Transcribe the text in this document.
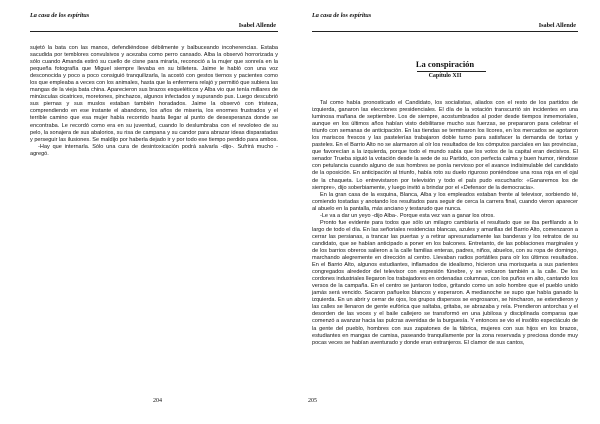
La casa de los espíritus
Isabel Allende

sujetó la bata con las manos, defendiéndose débilmente y balbuceando incoherencias. Estaba sacudida por temblores convulsivos y acezaba como perro cansado. Alba la observó horrorizada y sólo cuando Amanda estiró su cuello de cisne para mirarla, reconoció a la mujer que sonreía en la pequeña fotografía que Miguel siempre llevaba en su billetera. Jaime le habló con una voz desconocida y poco a poco consiguió tranquilizarla, la acostó con gestos tiernos y pacientes como los que empleaba a veces con los animales, hasta que la enfermera relajó y permitió que subiera las mangas de la vieja bata china. Aparecieron sus brazos esqueléticos y Alba vio que tenía millares de minúsculas cicatrices, moretones, pinchazos, algunos infectados y supurando pus. Luego descubrió sus piernas y sus muslos estaban también horadados. Jaime la observó con tristeza, comprendiendo en ese instante el abandono, los años de miseria, los enormes frustrados y el terrible camino que esa mujer había recorrido hasta llegar al punto de desesperanza donde se encontraba. Le recordó como era en su juventud, cuando lo deslumbraba con el revoloteo de su pelo, la sonajera de sus abalorios, su risa de campana y su candor para abrazar ideas disparatadas y perseguir las ilusiones. Se maldijo por haberla dejado ir y por todo ese tiempo perdido para ambos.

-Hay que internarla. Sólo una cura de desintoxicación podrá salvarla -dijo-. Sufrirá mucho -agregó.

204
La casa de los espíritus
Isabel Allende
La conspiración
Capítulo XII

Tal como había pronosticado el Candidato, los socialistas, aliados con el resto de los partidos de izquierda, ganaron las elecciones presidenciales. El día de la votación transcurrió sin incidentes en una luminosa mañana de septiembre. Los de siempre, acostumbrados al poder desde tiempos inmemoriales, aunque en los últimos años habían visto debilitarse mucho sus fuerzas, se prepararon para celebrar el triunfo con semanas de anticipación. En las tiendas se terminaron los licores, en los mercados se agotaron los mariscos frescos y las pastelerías trabajaron doble turno para satisfacer la demanda de tortas y pasteles. En el Barrio Alto no se alarmaron al oír los resultados de los cómputos parciales en las provincias, que favorecían a la izquierda, porque todo el mundo sabía que los votos de la capital eran decisivos. El senador Trueba siguió la votación desde la sede de su Partido, con perfecta calma y buen humor, riéndose con petulancia cuando alguno de sus hombres se ponía nervioso por el avance indisimulable del candidato de la oposición. En anticipación al triunfo, había roto su duelo riguroso poniéndose una rosa roja en el ojal de la chaqueta. Lo entrevistaron por televisión y todo el país pudo escucharlo: «Ganaremos los de siempre», dijo soberbiamente, y luego invitó a brindar por el «Defensor de la democracia».

En la gran casa de la esquina, Blanca, Alba y los empleados estaban frente al televisor, sorbiendo té, comiendo tostadas y anotando los resultados para seguir de cerca la carrera final, cuando vieron aparecer al abuelo en la pantalla, más anciano y testarudo que nunca.

-Le va a dar un yeyo -dijo Alba-. Porque esta vez van a ganar los otros.

Pronto fue evidente para todos que sólo un milagro cambiaría el resultado que se iba perfilando a lo largo de todo el día. En las señoriales residencias blancas, azules y amarillas del Barrio Alto, comenzaron a cerrar las persianas, a trancar las puertas y a retirar apresuradamente las banderas y los retratos de su candidato, que se habían anticipado a poner en los balcones. Entretanto, de las poblaciones marginales y de los barrios obreros salieron a la calle familias enteras, padres, niños, abuelos, con su ropa de domingo, marchando alegremente en dirección al centro. Llevaban radios portátiles para oír los últimos resultados. En el Barrio Alto, algunos estudiantes, inflamados de idealismo, hicieron una morisqueta a sus parientes congregados alrededor del televisor con expresión fúnebre, y se volcaron también a la calle. De los cordones industriales llegaron los trabajadores en ordenadas columnas, con los puños en alto, cantando los versos de la campaña. En el centro se juntaron todos, gritando como un solo hombre que el pueblo unido jamás será vencido. Sacaron pañuelos blancos y esperaron. A medianoche se supo que había ganado la izquierda. En un abrir y cerrar de ojos, los grupos dispersos se engrosaron, se hincharon, se extendieron y las calles se llenaron de gente eufórica que saltaba, gritaba, se abrazaba y reía. Prendieron antorchas y el desorden de las voces y el baile callejero se transformó en una jubilosa y disciplinada comparsa que comenzó a avanzar hacia las pulcras avenidas de la burguesía. Y entonces se vio el insólito espectáculo de la gente del pueblo, hombres con sus zapatones de la fábrica, mujeres con sus hijos en los brazos, estudiantes en mangas de camisa, paseando tranquilamente por la zona reservada y preciosa donde muy pocas veces se habían aventurado y donde eran extranjeros. El clamor de sus cantos,

205
